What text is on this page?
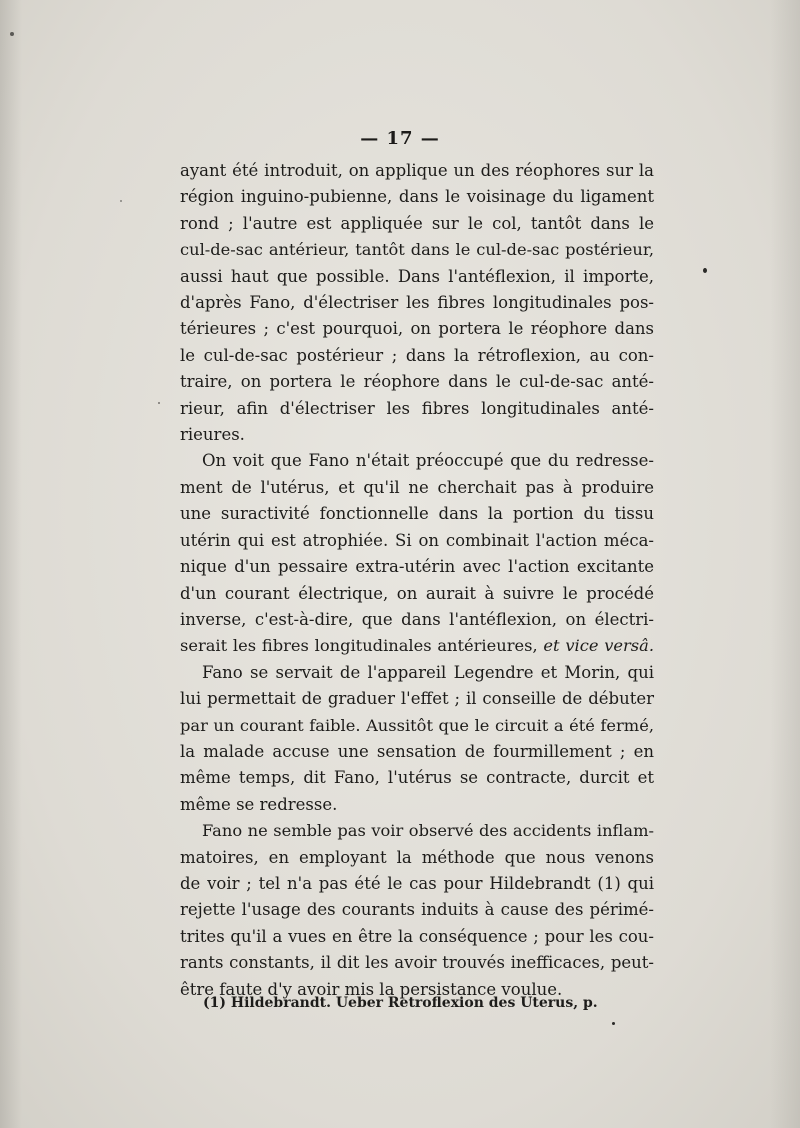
— 17 —

ayant été introduit, on applique un des réophores sur la
région inguino-pubienne, dans le voisinage du ligament
rond ; l'autre est appliquée sur le col, tantôt dans le
cul-de-sac antérieur, tantôt dans le cul-de-sac postérieur,
aussi haut que possible. Dans l'antéflexion, il importe,
d'après Fano, d'électriser les fibres longitudinales pos-
térieures ; c'est pourquoi, on portera le réophore dans
le cul-de-sac postérieur ; dans la rétroflexion, au con-
traire, on portera le réophore dans le cul-de-sac anté-
rieur, afin d'électriser les fibres longitudinales anté-
rieures.

On voit que Fano n'était préoccupé que du redresse-
ment de l'utérus, et qu'il ne cherchait pas à produire
une suractivité fonctionnelle dans la portion du tissu
utérin qui est atrophiée. Si on combinait l'action méca-
nique d'un pessaire extra-utérin avec l'action excitante
d'un courant électrique, on aurait à suivre le procédé
inverse, c'est-à-dire, que dans l'antéflexion, on électri-
serait les fibres longitudinales antérieures, et vice versâ.

Fano se servait de l'appareil Legendre et Morin, qui
lui permettait de graduer l'effet ; il conseille de débuter
par un courant faible. Aussitôt que le circuit a été fermé,
la malade accuse une sensation de fourmillement ; en
même temps, dit Fano, l'utérus se contracte, durcit et
même se redresse.

Fano ne semble pas voir observé des accidents inflam-
matoires, en employant la méthode que nous venons
de voir ; tel n'a pas été le cas pour Hildebrandt (1) qui
rejette l'usage des courants induits à cause des périmé-
trites qu'il a vues en être la conséquence ; pour les cou-
rants constants, il dit les avoir trouvés inefficaces, peut-
être faute d'y avoir mis la persistance voulue.

(1) Hildebrandt. Ueber Retroflexion des Uterus, p.
